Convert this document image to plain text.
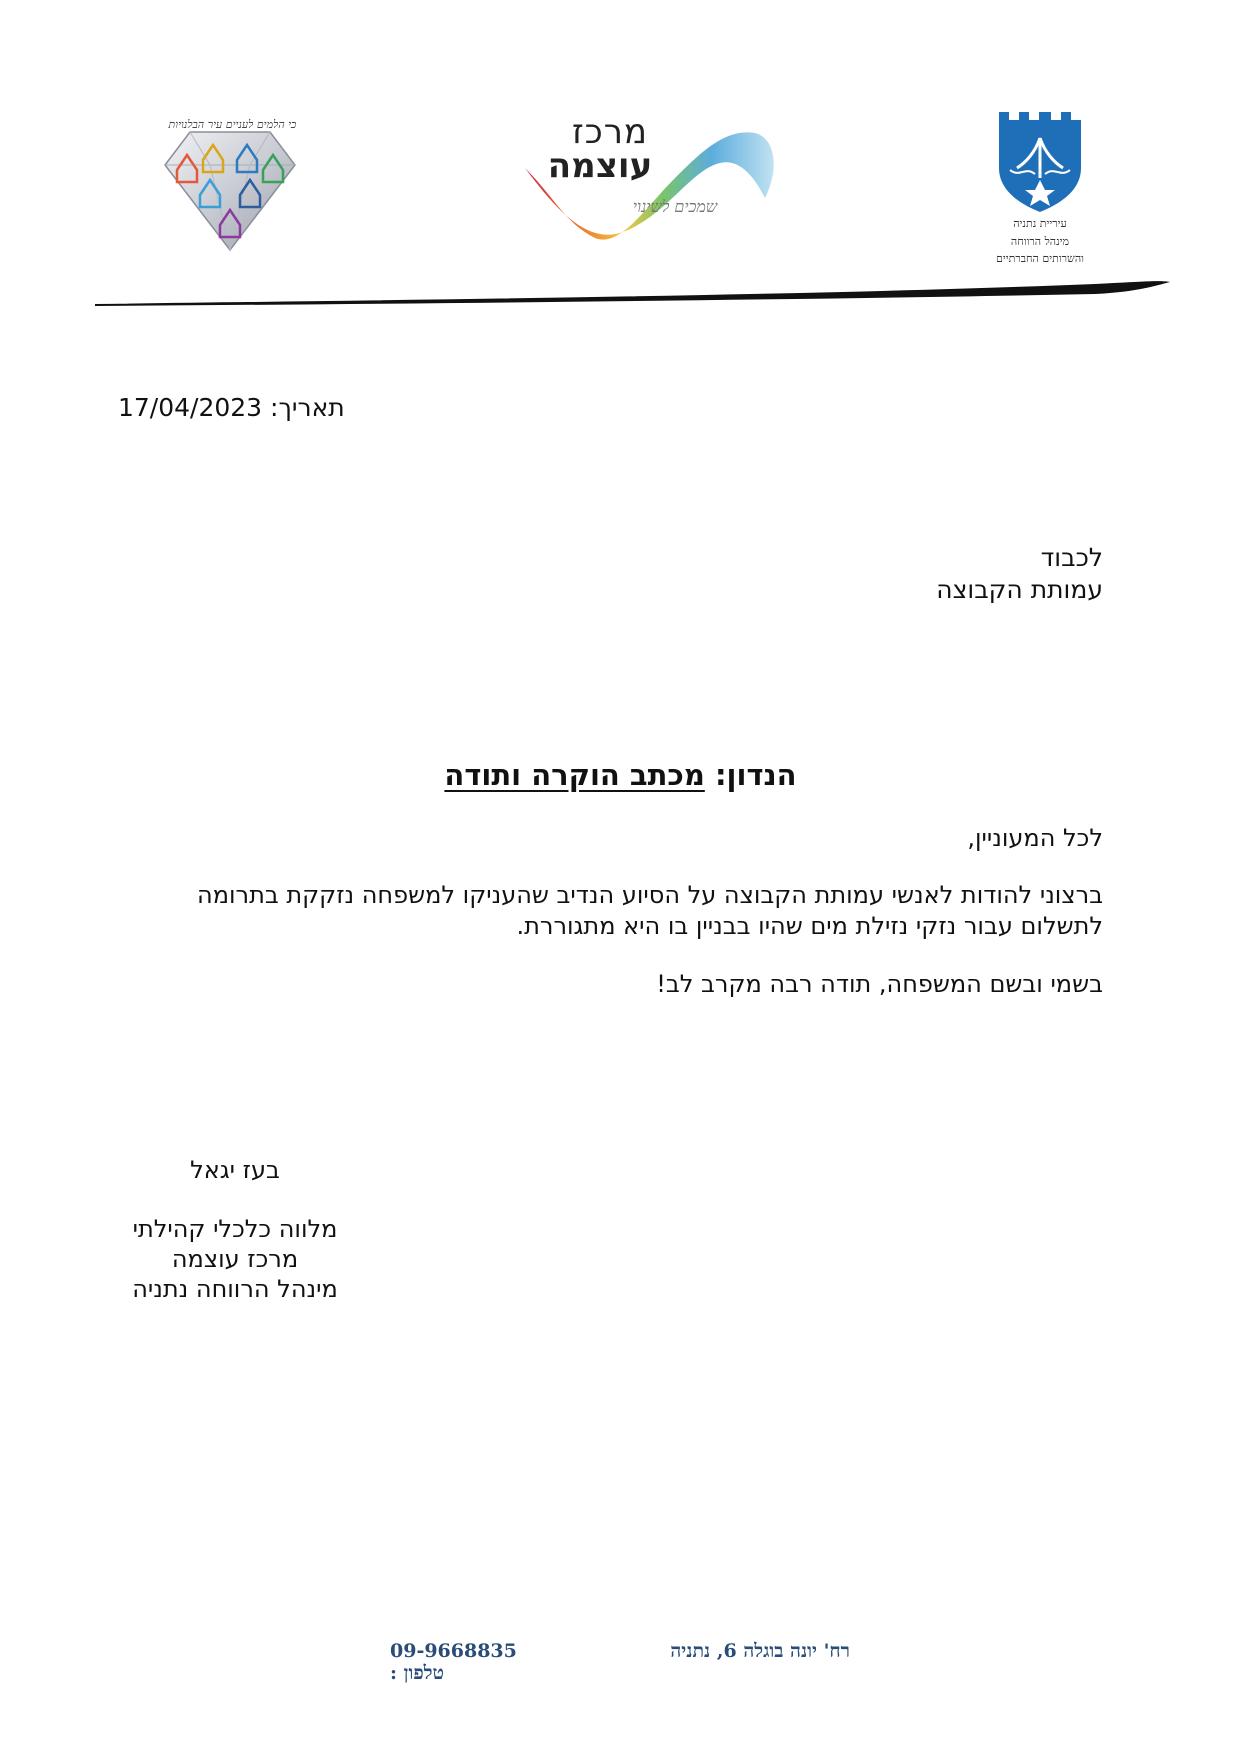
כי הלמים לעניים עיר הבלנויות	מרכז
עוצמה
שמכים לשינוי
עיריית נתניה
מינהל הרווחה
והשרותים החברתיים
17/04/2023 תאריך:
לכבוד
עמותת הקבוצה
הנדון: מכתב הוקרה ותודה
לכל המעוניין,
ברצוני להודות לאנשי עמותת הקבוצה על הסיוע הנדיב שהעניקו למשפחה נזקקת בתרומה
לתשלום עבור נזקי נזילת מים שהיו בבניין בו היא מתגוררת.
בשמי ובשם המשפחה, תודה רבה מקרב לב!
בעז יגאל
מלווה כלכלי קהילתי
מרכז עוצמה
מינהל הרווחה נתניה
רח' יונה בוגלה 6, נתניה
09-9668835 טלפון :
